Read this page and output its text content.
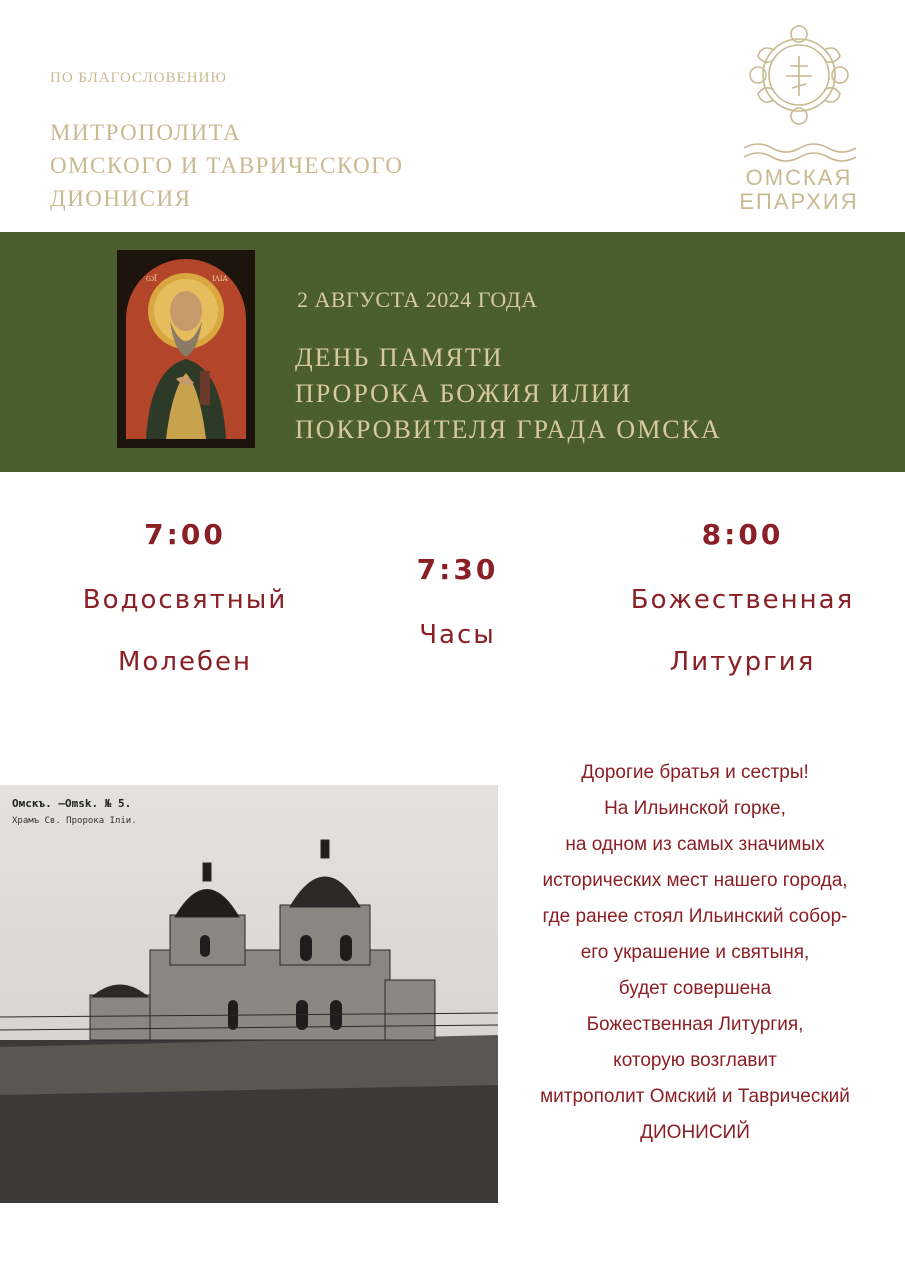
ПО БЛАГОСЛОВЕНИЮ
МИТРОПОЛИТА
ОМСКОГО И ТАВРИЧЕСКОГО
ДИОНИСИЯ
ОМСКАЯ
ЕПАРХИЯ
ѠĪ	ΙΛΙΑ
2 АВГУСТА 2024 ГОДА
ДЕНЬ ПАМЯТИ
ПРОРОКА БОЖИЯ ИЛИИ
ПОКРОВИТЕЛЯ ГРАДА ОМСКА
7:00
Водосвятный
Молебен
7:30
Часы
8:00
Божественная
Литургия
Омскъ. —Omsk. № 5.
Храмъ Св. Пророка Іліи.
Дорогие братья и сестры!
На Ильинской горке,
на одном из самых значимых
исторических мест нашего города,
где ранее стоял Ильинский собор-
его украшение и святыня,
будет совершена
Божественная Литургия,
которую возглавит
митрополит Омский и Таврический
ДИОНИСИЙ
